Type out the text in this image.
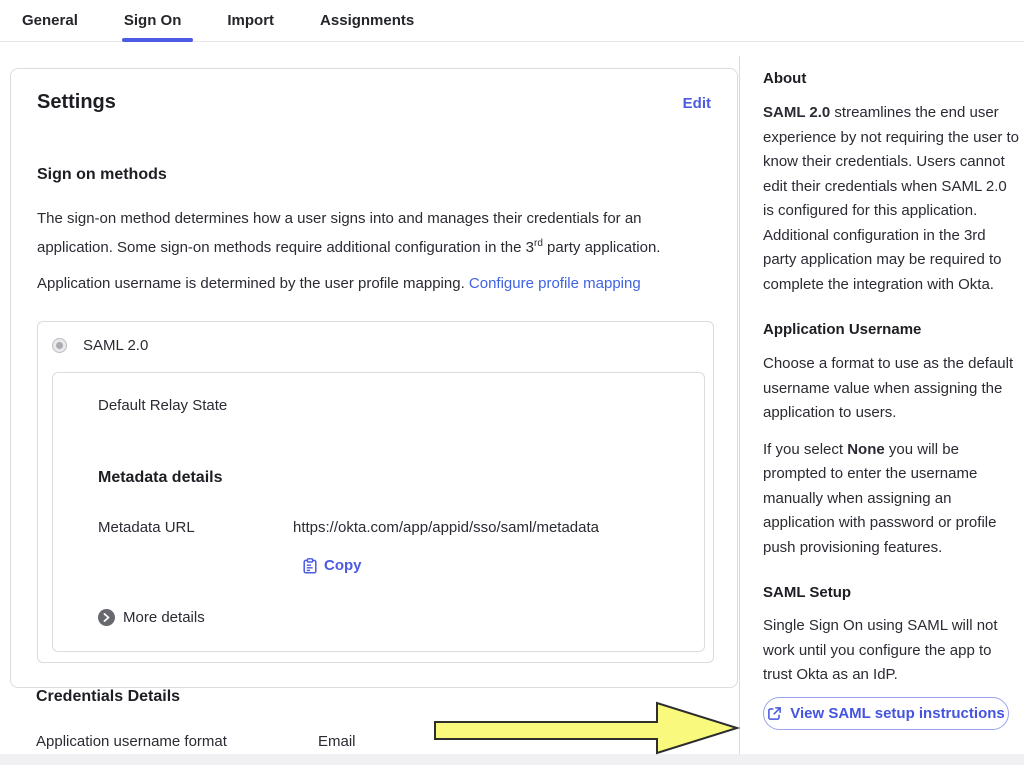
General	Sign On	Import	Assignments
Settings	Edit
Sign on methods
The sign-on method determines how a user signs into and manages their credentials for an application. Some sign-on methods require additional configuration in the 3rd party application.
Application username is determined by the user profile mapping. Configure profile mapping
SAML 2.0
Default Relay State
Metadata details
Metadata URL	https://okta.com/app/appid/sso/saml/metadata
Copy
More details
Credentials Details
Application username format	Email
About
SAML 2.0 streamlines the end user experience by not requiring the user to know their credentials. Users cannot edit their credentials when SAML 2.0 is configured for this application. Additional configuration in the 3rd party application may be required to complete the integration with Okta.
Application Username
Choose a format to use as the default username value when assigning the application to users.
If you select None you will be prompted to enter the username manually when assigning an application with password or profile push provisioning features.
SAML Setup
Single Sign On using SAML will not work until you configure the app to trust Okta as an IdP.
View SAML setup instructions
